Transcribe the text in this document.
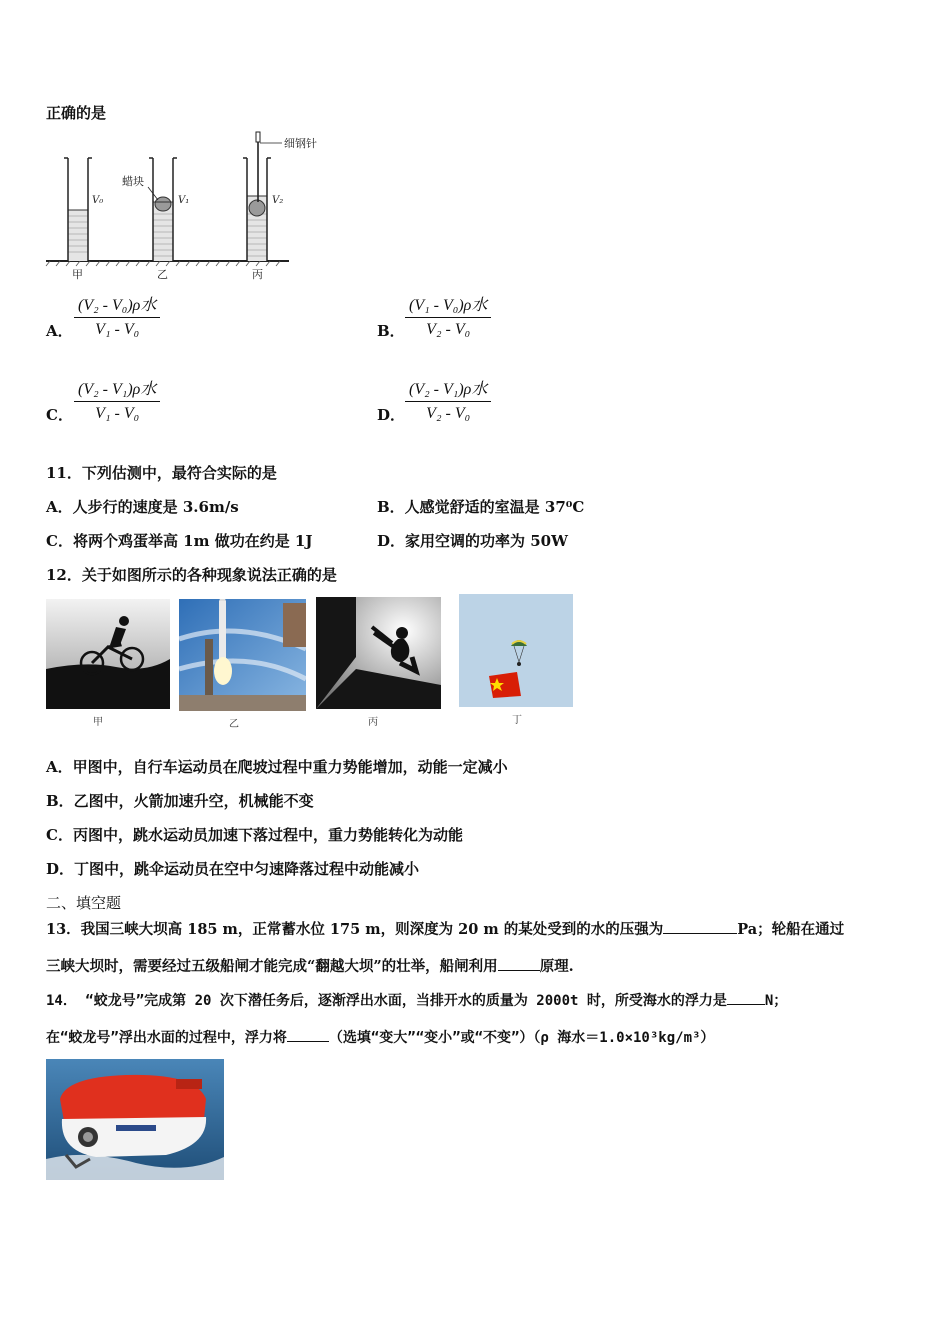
正确的是
细钢针
蜡块
V₀	V₁	V₂
甲	乙	丙
A．
(V₂ - V₀)ρ水
V₁ - V₀	B．
(V₁ - V₀)ρ水
V₂ - V₀
C．
(V₂ - V₁)ρ水
V₁ - V₀	D．
(V₂ - V₁)ρ水
V₂ - V₀
11．下列估测中，最符合实际的是
A．人步行的速度是 3.6m/s	B．人感觉舒适的室温是 37⁰C
C．将两个鸡蛋举高 1m 做功在约是 1J	D．家用空调的功率为 50W
12．关于如图所示的各种现象说法正确的是
甲	乙	丙	丁
A．甲图中，自行车运动员在爬坡过程中重力势能增加，动能一定减小
B．乙图中，火箭加速升空，机械能不变
C．丙图中，跳水运动员加速下落过程中，重力势能转化为动能
D．丁图中，跳伞运动员在空中匀速降落过程中动能减小
二、填空题
13．我国三峡大坝高 185 m，正常蓄水位 175 m，则深度为 20 m 的某处受到的水的压强为	Pa；轮船在通过
三峡大坝时，需要经过五级船闸才能完成“翻越大坝”的壮举，船闸利用	原理.
14． “蛟龙号”完成第 20 次下潜任务后，逐渐浮出水面，当排开水的质量为 2000t 时，所受海水的浮力是	N；
在“蛟龙号”浮出水面的过程中，浮力将	（选填“变大”“变小”或“不变”）（ρ 海水＝1.0×10³kg/m³）
